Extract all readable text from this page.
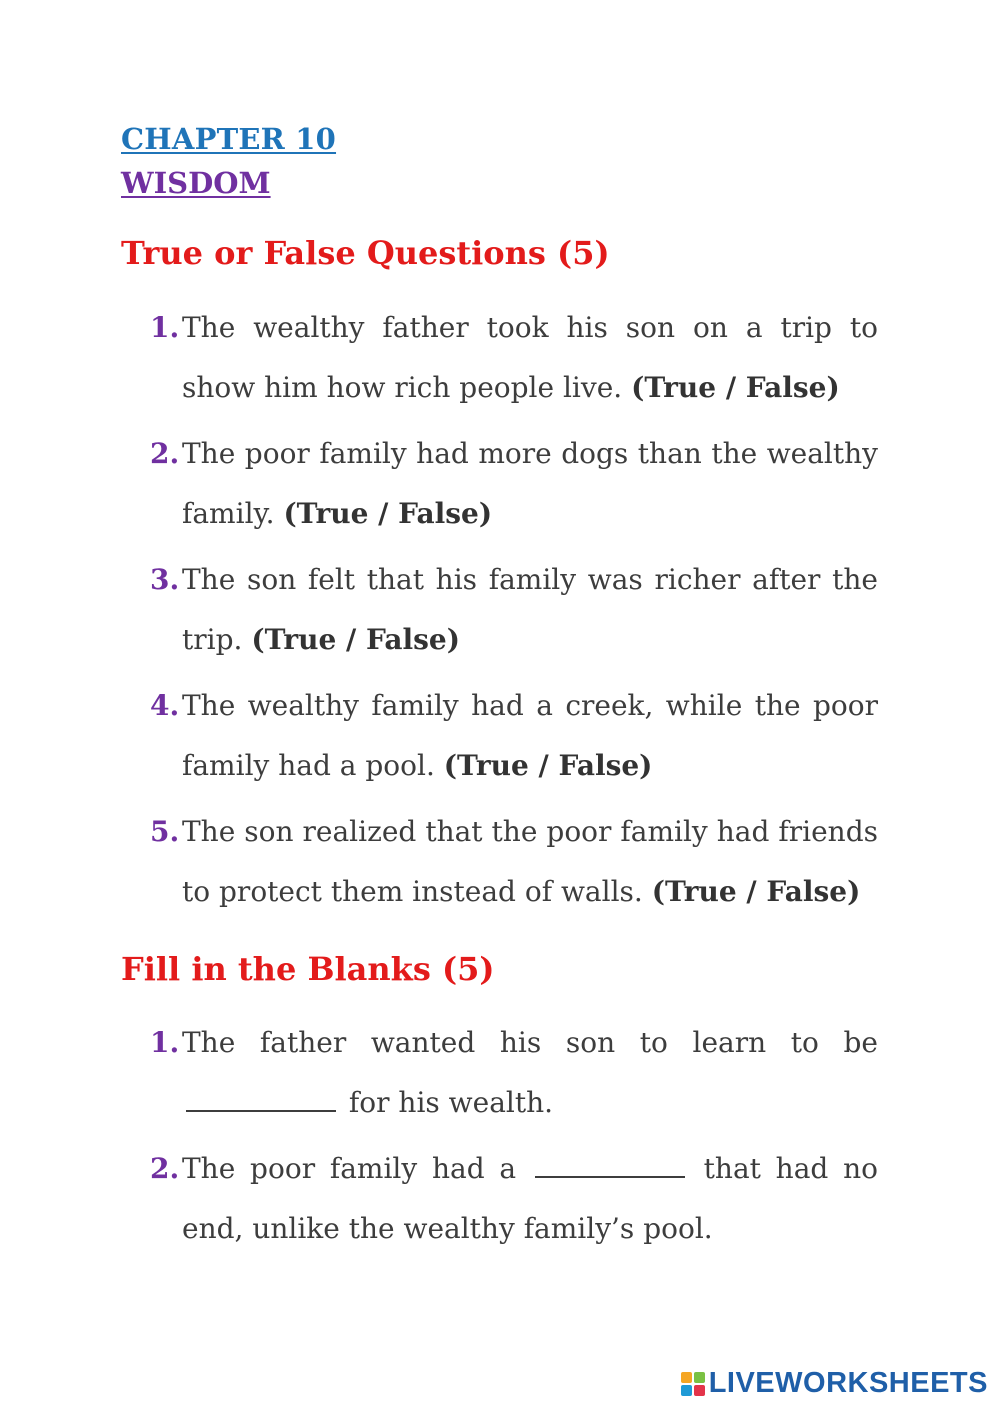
CHAPTER 10
WISDOM
True or False Questions (5)
1. The wealthy father took his son on a trip to show him how rich people live. (True / False)
2. The poor family had more dogs than the wealthy family. (True / False)
3. The son felt that his family was richer after the trip. (True / False)
4. The wealthy family had a creek, while the poor family had a pool. (True / False)
5. The son realized that the poor family had friends to protect them instead of walls. (True / False)
Fill in the Blanks (5)
1. The father wanted his son to learn to be  for his wealth.
2. The poor family had a	that had no end, unlike the wealthy family’s pool.
LIVEWORKSHEETS
